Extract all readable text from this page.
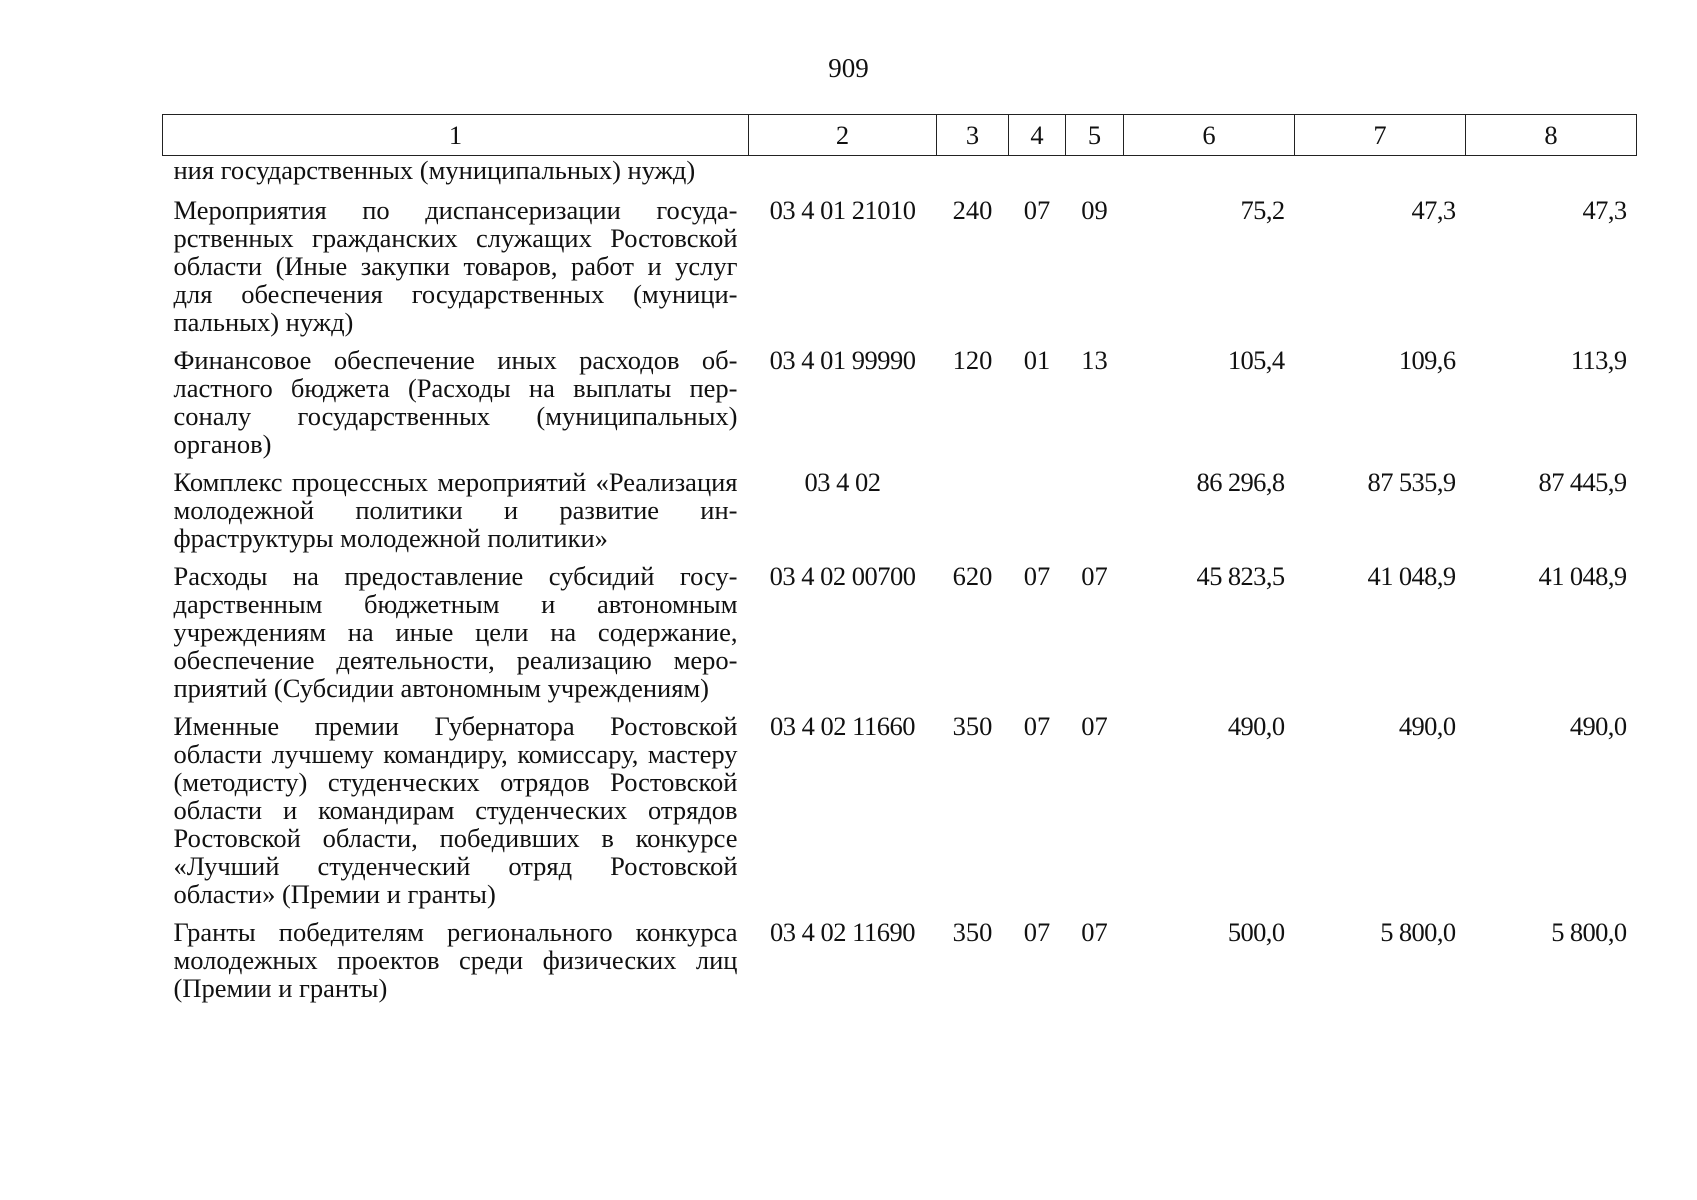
909
1	2	3	4	5	6	7	8
ния государственных (муниципальных) нужд)							
Мероприятия по диспансеризации государственных гражданских служащих Ростовской области (Иные закупки товаров, работ и услуг для обеспечения государственных (муниципальных) нужд)	03 4 01 21010	240	07	09	75,2	47,3	47,3
Финансовое обеспечение иных расходов областного бюджета (Расходы на выплаты персоналу государственных (муниципальных) органов)	03 4 01 99990	120	01	13	105,4	109,6	113,9
Комплекс процессных мероприятий «Реализация молодежной политики и развитие инфраструктуры молодежной политики»	03 4 02				86 296,8	87 535,9	87 445,9
Расходы на предоставление субсидий государственным бюджетным и автономным учреждениям на иные цели на содержание, обеспечение деятельности, реализацию мероприятий (Субсидии автономным учреждениям)	03 4 02 00700	620	07	07	45 823,5	41 048,9	41 048,9
Именные премии Губернатора Ростовской области лучшему командиру, комиссару, мастеру (методисту) студенческих отрядов Ростовской области и командирам студенческих отрядов Ростовской области, победивших в конкурсе «Лучший студенческий отряд Ростовской области» (Премии и гранты)	03 4 02 11660	350	07	07	490,0	490,0	490,0
Гранты победителям регионального конкурса молодежных проектов среди физических лиц (Премии и гранты)	03 4 02 11690	350	07	07	500,0	5 800,0	5 800,0
